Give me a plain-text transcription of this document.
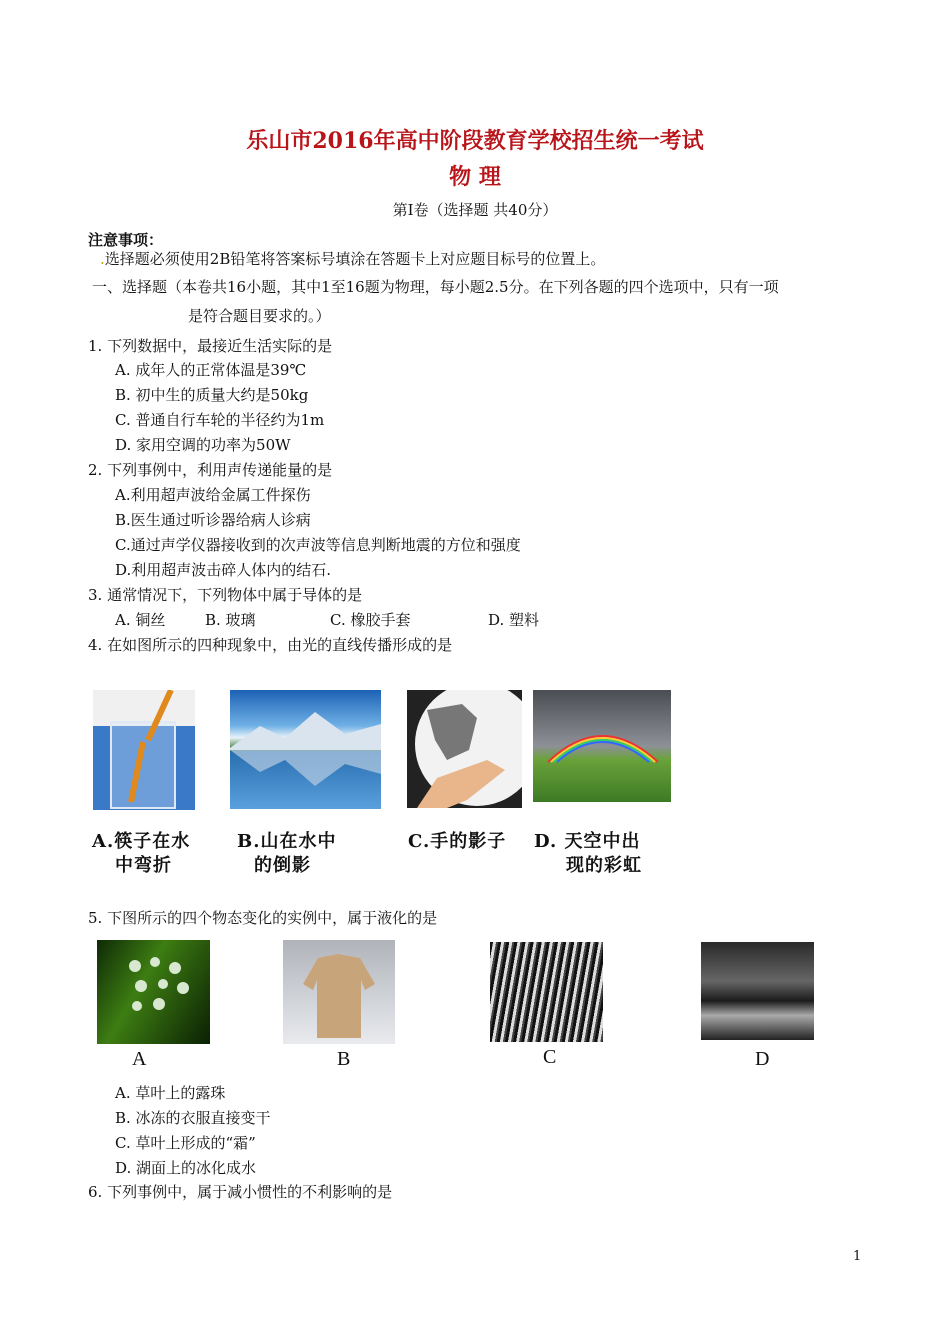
乐山市2016年高中阶段教育学校招生统一考试
物 理
第I卷（选择题 共40分）
注意事项：
.选择题必须使用2B铅笔将答案标号填涂在答题卡上对应题目标号的位置上。
一、选择题（本卷共16小题，其中1至16题为物理，每小题2.5分。在下列各题的四个选项中，只有一项
是符合题目要求的。）
1. 下列数据中，最接近生活实际的是
A. 成年人的正常体温是39℃
B. 初中生的质量大约是50kg
C. 普通自行车轮的半径约为1m
D. 家用空调的功率为50W
2. 下列事例中，利用声传递能量的是
A.利用超声波给金属工件探伤
B.医生通过听诊器给病人诊病
C.通过声学仪器接收到的次声波等信息判断地震的方位和强度
D.利用超声波击碎人体内的结石.
3. 通常情况下，下列物体中属于导体的是
A. 铜丝	B. 玻璃	C. 橡胶手套	D. 塑料
4. 在如图所示的四种现象中，由光的直线传播形成的是
A.筷子在水
中弯折
B.山在水中
的倒影
C.手的影子 D. 天空中出
现的彩虹
5. 下图所示的四个物态变化的实例中，属于液化的是
A	B	C	D
A. 草叶上的露珠
B. 冰冻的衣服直接变干
C. 草叶上形成的“霜”
D. 湖面上的冰化成水
6. 下列事例中，属于减小惯性的不利影响的是
1
